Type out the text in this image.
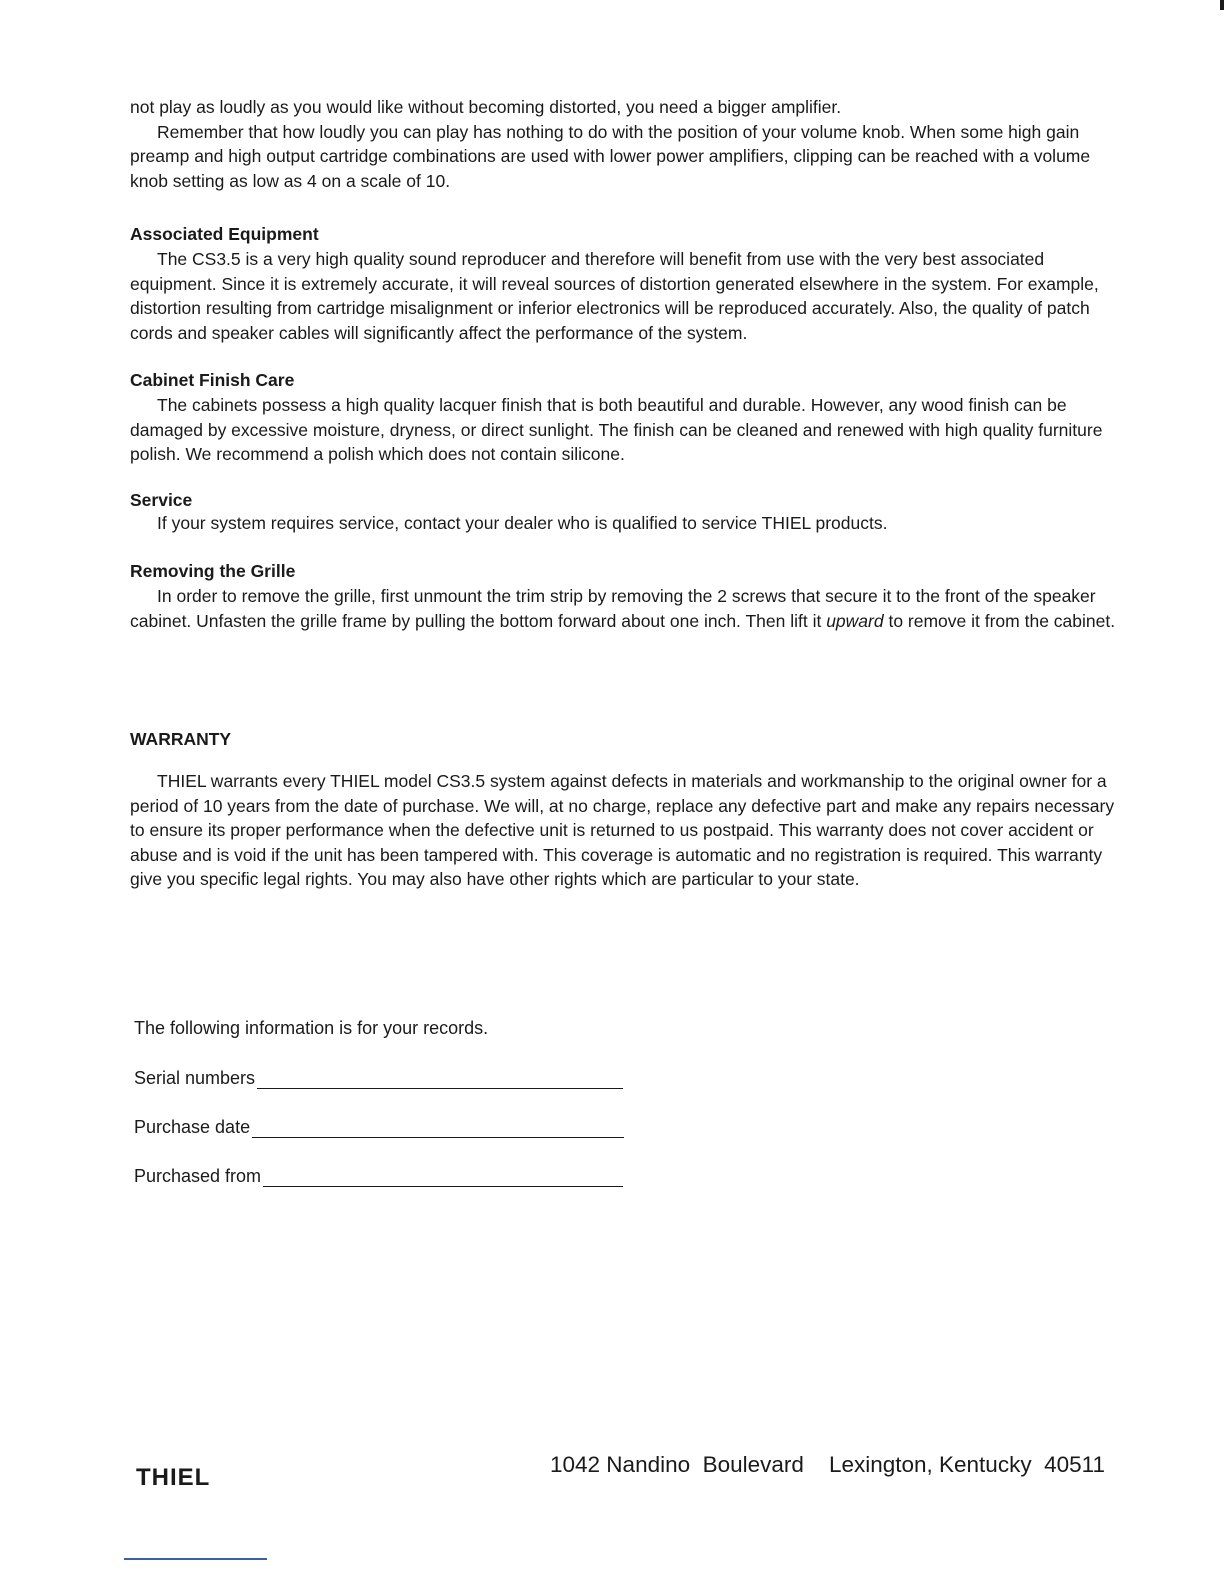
not play as loudly as you would like without becoming distorted, you need a bigger amplifier.

Remember that how loudly you can play has nothing to do with the position of your volume knob. When some high gain preamp and high output cartridge combinations are used with lower power amplifiers, clipping can be reached with a volume knob setting as low as 4 on a scale of 10.

Associated Equipment

The CS3.5 is a very high quality sound reproducer and therefore will benefit from use with the very best associated equipment. Since it is extremely accurate, it will reveal sources of distortion generated elsewhere in the system. For example, distortion resulting from cartridge misalignment or inferior electronics will be reproduced accurately. Also, the quality of patch cords and speaker cables will significantly affect the performance of the system.

Cabinet Finish Care

The cabinets possess a high quality lacquer finish that is both beautiful and durable. However, any wood finish can be damaged by excessive moisture, dryness, or direct sunlight. The finish can be cleaned and renewed with high quality furniture polish. We recommend a polish which does not contain silicone.

Service

If your system requires service, contact your dealer who is qualified to service THIEL products.

Removing the Grille

In order to remove the grille, first unmount the trim strip by removing the 2 screws that secure it to the front of the speaker cabinet. Unfasten the grille frame by pulling the bottom forward about one inch. Then lift it upward to remove it from the cabinet.

WARRANTY

THIEL warrants every THIEL model CS3.5 system against defects in materials and workmanship to the original owner for a period of 10 years from the date of purchase. We will, at no charge, replace any defective part and make any repairs necessary to ensure its proper performance when the defective unit is returned to us postpaid. This warranty does not cover accident or abuse and is void if the unit has been tampered with. This coverage is automatic and no registration is required. This warranty give you specific legal rights. You may also have other rights which are particular to your state.

The following information is for your records.
Serial numbers
Purchase date
Purchased from
THIEL	1042 Nandino  Boulevard    Lexington, Kentucky  40511
